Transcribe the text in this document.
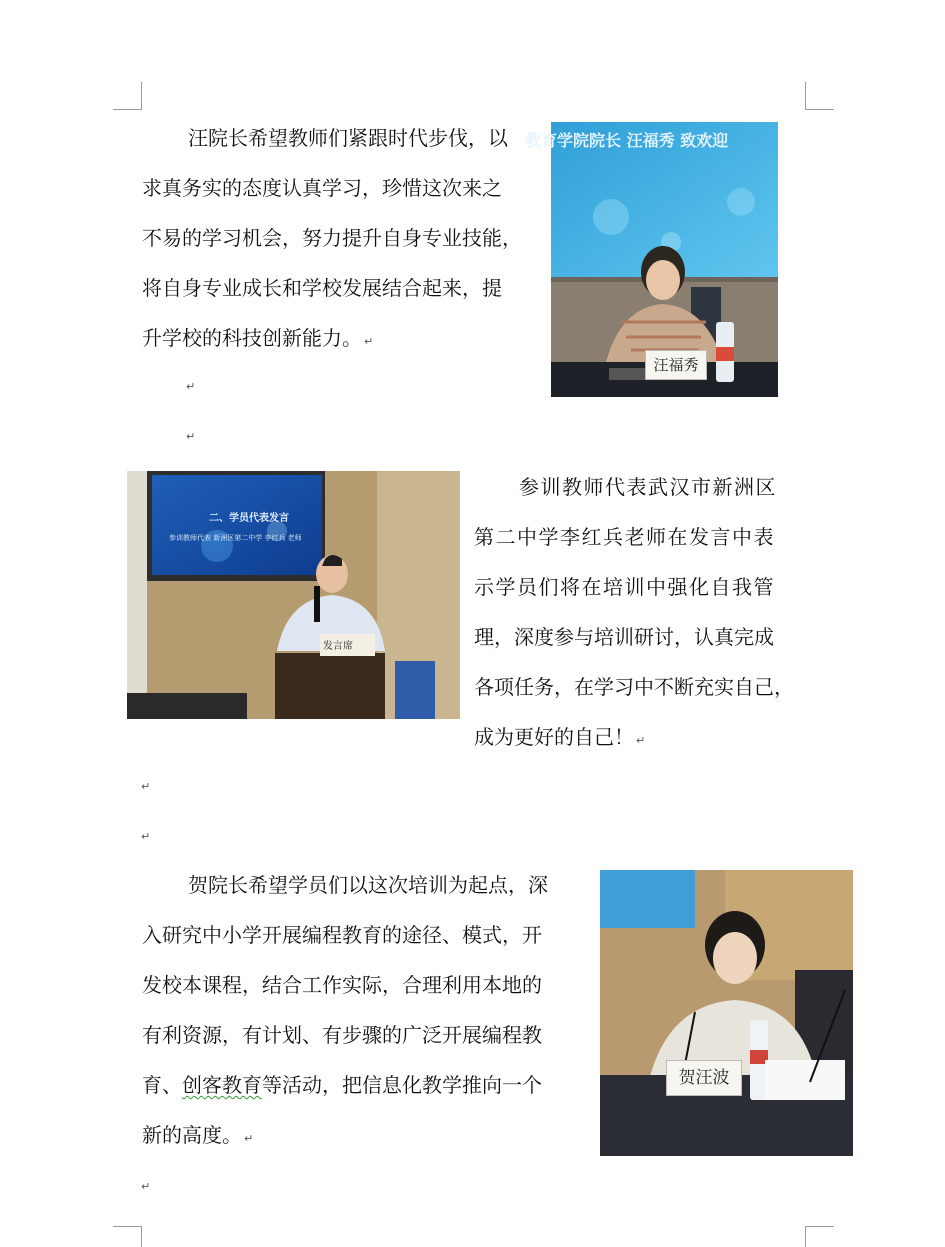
汪院长希望教师们紧跟时代步伐，以
求真务实的态度认真学习，珍惜这次来之
不易的学习机会，努力提升自身专业技能，
将自身专业成长和学校发展结合起来，提
升学校的科技创新能力。 ↵
教育学院院长 汪福秀 致欢迎
汪福秀
↵
↵
二、学员代表发言
参训教师代表 新洲区第二中学 李红兵 老师
发言席
参训教师代表武汉市新洲区
第二中学李红兵老师在发言中表
示学员们将在培训中强化自我管
理，深度参与培训研讨，认真完成
各项任务，在学习中不断充实自己，
成为更好的自己！ ↵
↵
↵
贺院长希望学员们以这次培训为起点，深
入研究中小学开展编程教育的途径、模式，开
发校本课程，结合工作实际，合理利用本地的
有利资源，有计划、有步骤的广泛开展编程教
育、创客教育等活动，把信息化教学推向一个
新的高度。 ↵
贺汪波
↵
